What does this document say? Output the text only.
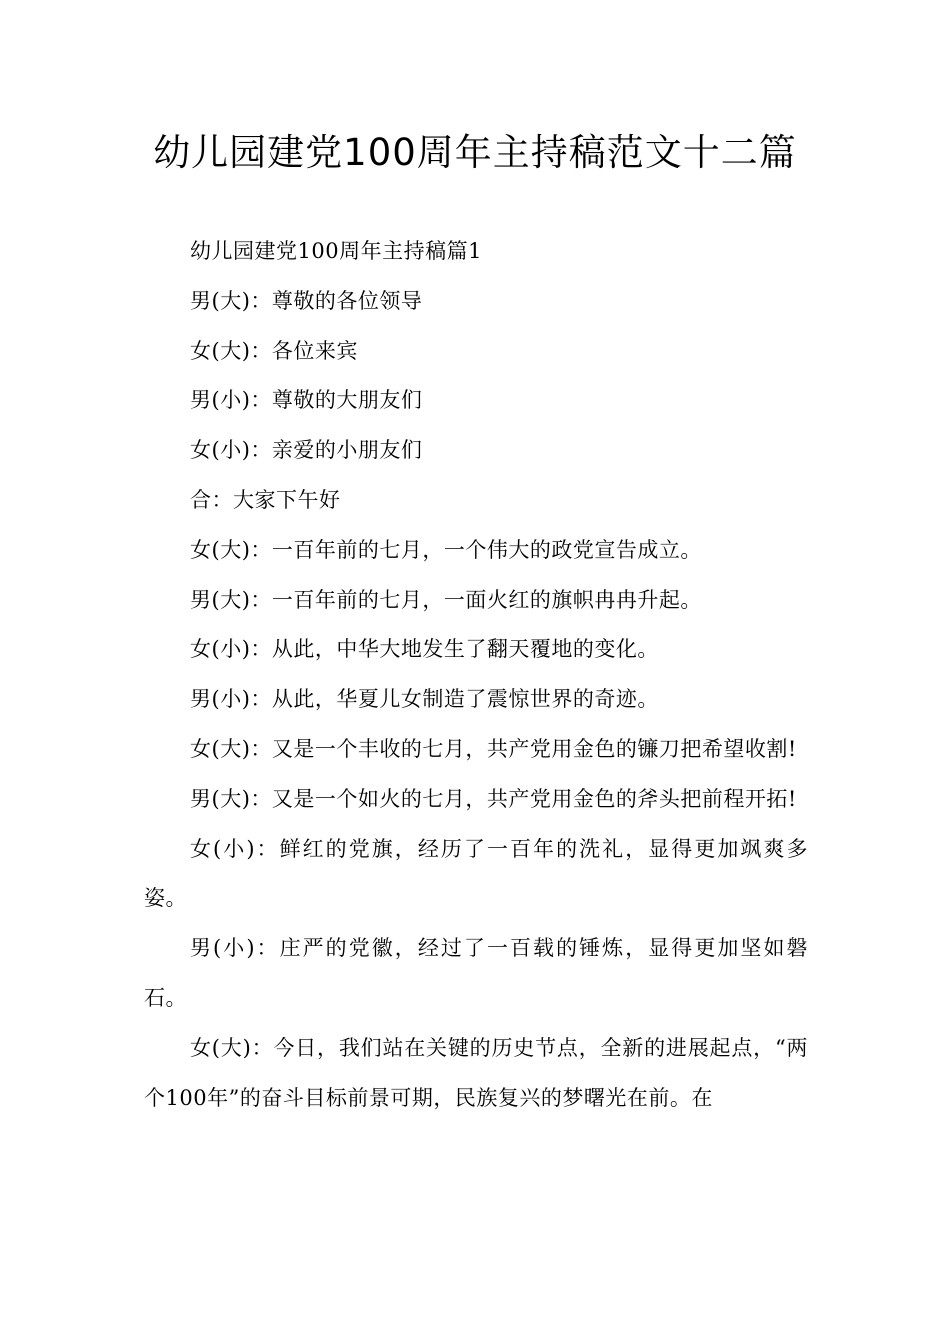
幼儿园建党100周年主持稿范文十二篇

幼儿园建党100周年主持稿篇1

男(大)：尊敬的各位领导

女(大)：各位来宾

男(小)：尊敬的大朋友们

女(小)：亲爱的小朋友们

合：大家下午好

女(大)：一百年前的七月，一个伟大的政党宣告成立。

男(大)：一百年前的七月，一面火红的旗帜冉冉升起。

女(小)：从此，中华大地发生了翻天覆地的变化。

男(小)：从此，华夏儿女制造了震惊世界的奇迹。

女(大)：又是一个丰收的七月，共产党用金色的镰刀把希望收割!

男(大)：又是一个如火的七月，共产党用金色的斧头把前程开拓!

女(小)：鲜红的党旗，经历了一百年的洗礼，显得更加飒爽多姿。

男(小)：庄严的党徽，经过了一百载的锤炼，显得更加坚如磐石。

女(大)：今日，我们站在关键的历史节点，全新的进展起点，“两个100年”的奋斗目标前景可期，民族复兴的梦曙光在前。在
